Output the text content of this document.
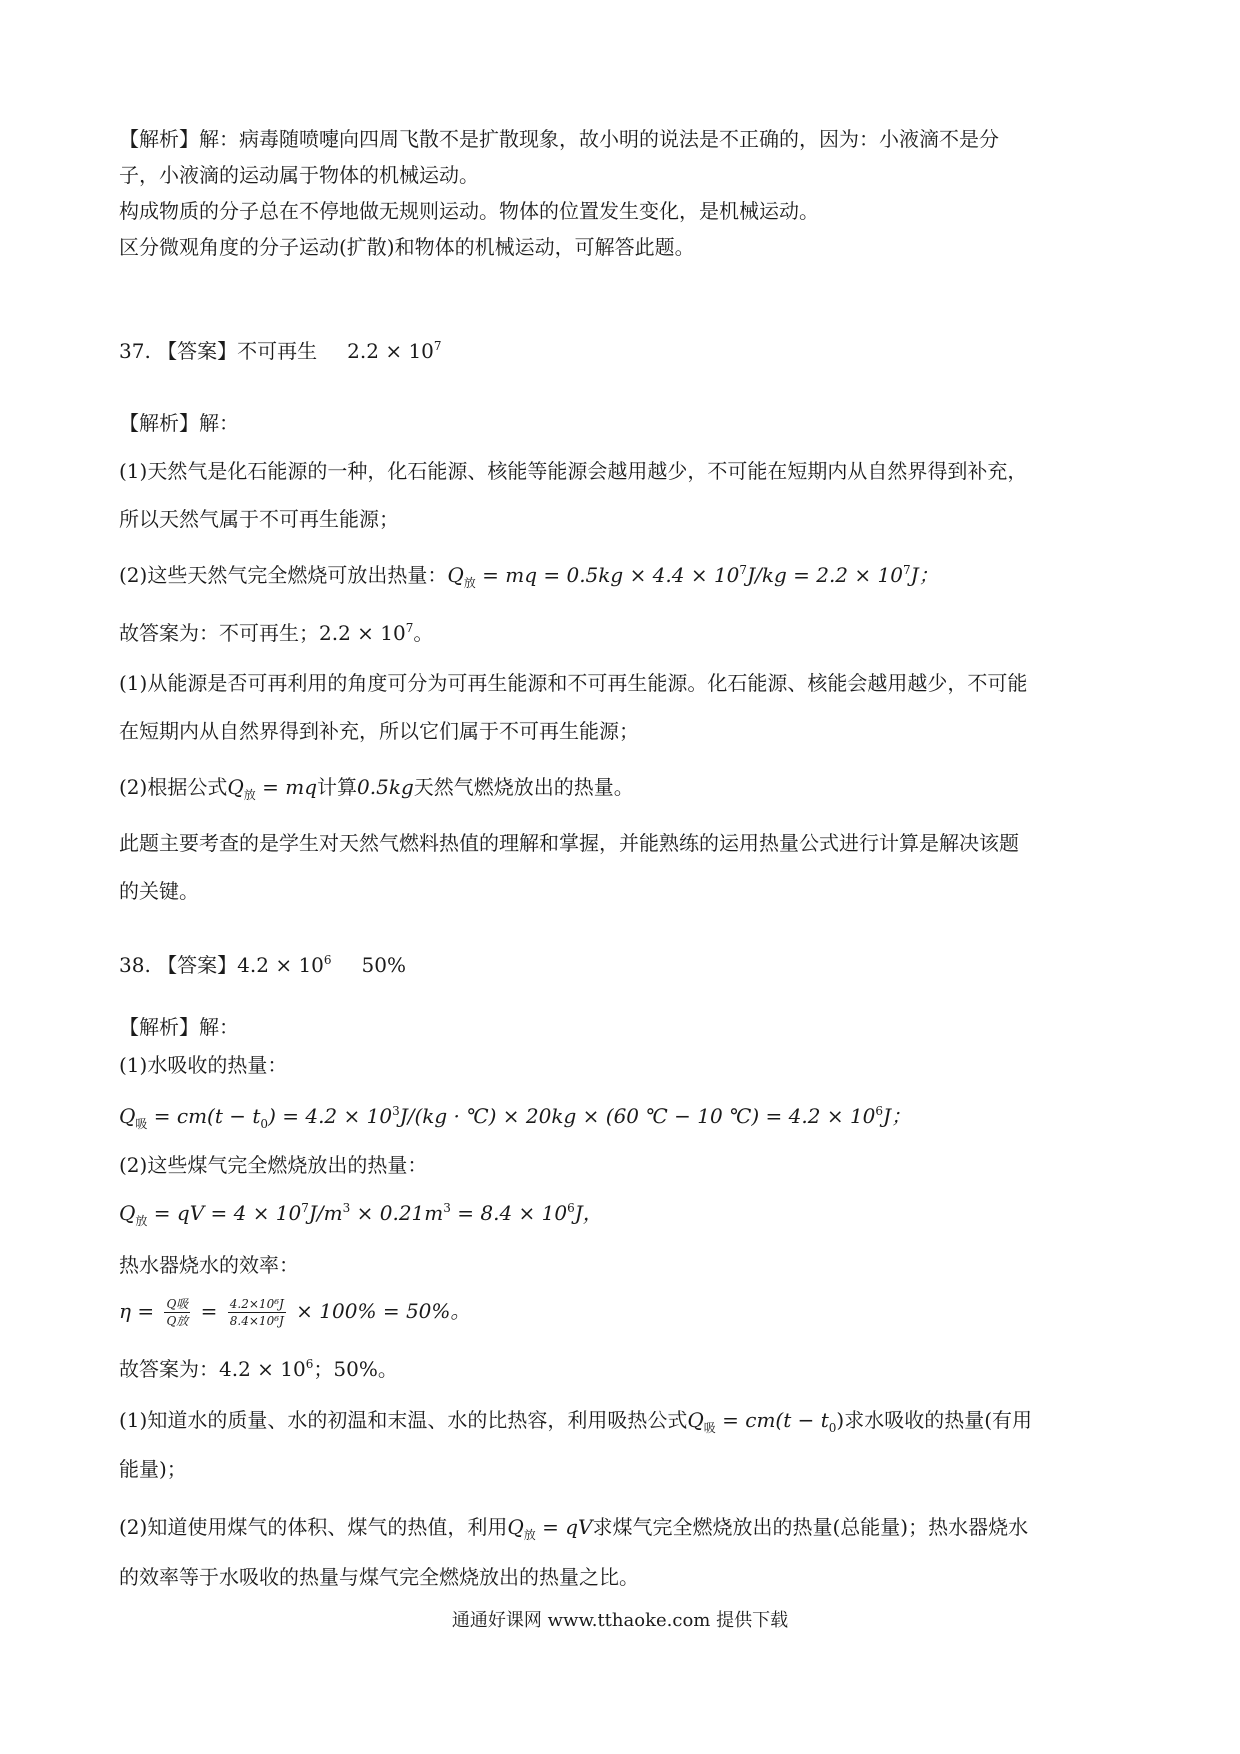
【解析】解：病毒随喷嚏向四周飞散不是扩散现象，故小明的说法是不正确的，因为：小液滴不是分
子，小液滴的运动属于物体的机械运动。
构成物质的分子总在不停地做无规则运动。物体的位置发生变化，是机械运动。
区分微观角度的分子运动(扩散)和物体的机械运动，可解答此题。
37. 【答案】不可再生 $2.2 \times 10^7$
【解析】解：
(1)天然气是化石能源的一种，化石能源、核能等能源会越用越少，不可能在短期内从自然界得到补充，
所以天然气属于不可再生能源；
(2)这些天然气完全燃烧可放出热量：$Q_放$ = mq = $0.5kg \times 4.4 \times 10^7J/kg = 2.2 \times 10^7J$；
故答案为：不可再生；$2.2 \times 10^7$。
(1)从能源是否可再利用的角度可分为可再生能源和不可再生能源。化石能源、核能会越用越少，不可能
在短期内从自然界得到补充，所以它们属于不可再生能源；
(2)根据公式$Q_放$ = mq计算0.5kg天然气燃烧放出的热量。
此题主要考查的是学生对天然气燃料热值的理解和掌握，并能熟练的运用热量公式进行计算是解决该题
的关键。
38. 【答案】$4.2 \times 10^6$ 50%
【解析】解：
(1)水吸收的热量：
$Q_吸 = cm(t - t_0) = 4.2 \times 10^3J/(kg$ · ℃) × 20kg × (60 ℃ − 10 ℃) = $4.2 \times 10^6J$；
(2)这些煤气完全燃烧放出的热量：
$Q_放$ = qV = $4 \times 10^7J/m^3 \times 0.21m^3 = 8.4 \times 10^6J$，
热水器烧水的效率：
$\eta = \frac{\text{Q吸}}{\text{Q放}} = \frac{\text{4.2×10⁶J}}{\text{8.4×10⁶J}} \times 100\% = 50\%$。
故答案为：$4.2 \times 10^6$；50%。
(1)知道水的质量、水的初温和末温、水的比热容，利用吸热公式$Q_吸 = cm(t - t_0)$求水吸收的热量(有用
能量)；
(2)知道使用煤气的体积、煤气的热值，利用$Q_放$ = qV求煤气完全燃烧放出的热量(总能量)；热水器烧水
的效率等于水吸收的热量与煤气完全燃烧放出的热量之比。
通通好课网 www.tthaoke.com 提供下载
